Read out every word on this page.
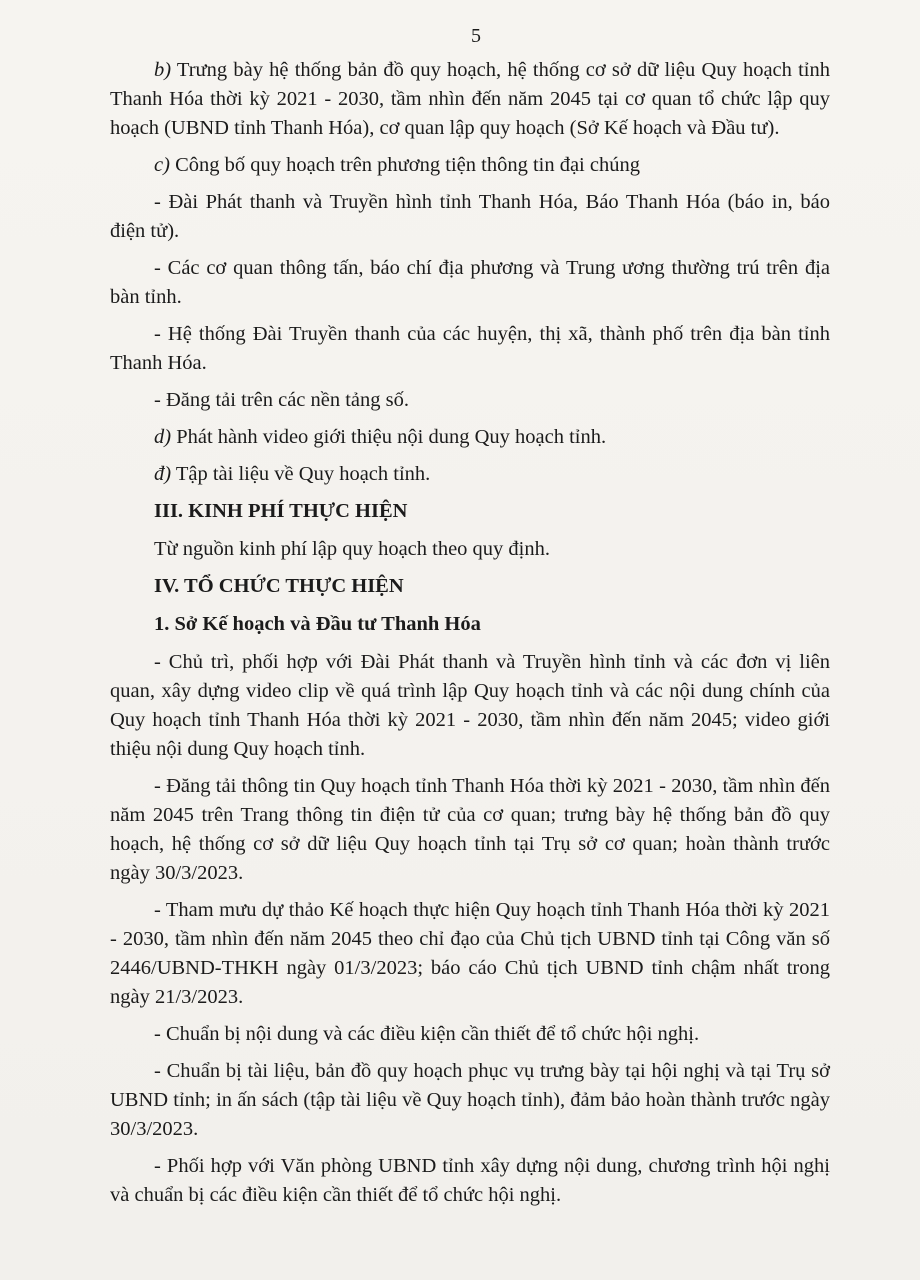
5

b) Trưng bày hệ thống bản đồ quy hoạch, hệ thống cơ sở dữ liệu Quy hoạch tỉnh Thanh Hóa thời kỳ 2021 - 2030, tầm nhìn đến năm 2045 tại cơ quan tổ chức lập quy hoạch (UBND tỉnh Thanh Hóa), cơ quan lập quy hoạch (Sở Kế hoạch và Đầu tư).

c) Công bố quy hoạch trên phương tiện thông tin đại chúng

- Đài Phát thanh và Truyền hình tỉnh Thanh Hóa, Báo Thanh Hóa (báo in, báo điện tử).

- Các cơ quan thông tấn, báo chí địa phương và Trung ương thường trú trên địa bàn tỉnh.

- Hệ thống Đài Truyền thanh của các huyện, thị xã, thành phố trên địa bàn tỉnh Thanh Hóa.

- Đăng tải trên các nền tảng số.

d) Phát hành video giới thiệu nội dung Quy hoạch tỉnh.

đ) Tập tài liệu về Quy hoạch tỉnh.

III. KINH PHÍ THỰC HIỆN

Từ nguồn kinh phí lập quy hoạch theo quy định.

IV. TỔ CHỨC THỰC HIỆN

1. Sở Kế hoạch và Đầu tư Thanh Hóa

- Chủ trì, phối hợp với Đài Phát thanh và Truyền hình tỉnh và các đơn vị liên quan, xây dựng video clip về quá trình lập Quy hoạch tỉnh và các nội dung chính của Quy hoạch tỉnh Thanh Hóa thời kỳ 2021 - 2030, tầm nhìn đến năm 2045; video giới thiệu nội dung Quy hoạch tỉnh.

- Đăng tải thông tin Quy hoạch tỉnh Thanh Hóa thời kỳ 2021 - 2030, tầm nhìn đến năm 2045 trên Trang thông tin điện tử của cơ quan; trưng bày hệ thống bản đồ quy hoạch, hệ thống cơ sở dữ liệu Quy hoạch tỉnh tại Trụ sở cơ quan; hoàn thành trước ngày 30/3/2023.

- Tham mưu dự thảo Kế hoạch thực hiện Quy hoạch tỉnh Thanh Hóa thời kỳ 2021 - 2030, tầm nhìn đến năm 2045 theo chỉ đạo của Chủ tịch UBND tỉnh tại Công văn số 2446/UBND-THKH ngày 01/3/2023; báo cáo Chủ tịch UBND tỉnh chậm nhất trong ngày 21/3/2023.

- Chuẩn bị nội dung và các điều kiện cần thiết để tổ chức hội nghị.

- Chuẩn bị tài liệu, bản đồ quy hoạch phục vụ trưng bày tại hội nghị và tại Trụ sở UBND tỉnh; in ấn sách (tập tài liệu về Quy hoạch tỉnh), đảm bảo hoàn thành trước ngày 30/3/2023.

- Phối hợp với Văn phòng UBND tỉnh xây dựng nội dung, chương trình hội nghị và chuẩn bị các điều kiện cần thiết để tổ chức hội nghị.
